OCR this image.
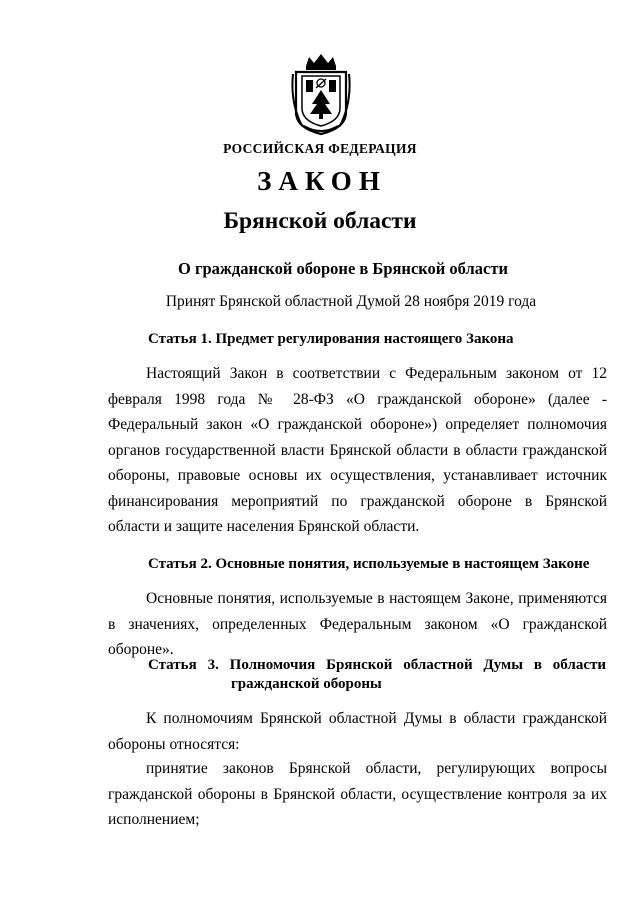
РОССИЙСКАЯ ФЕДЕРАЦИЯ
ЗАКОН
Брянской области
О гражданской обороне в Брянской области
Принят Брянской областной Думой 28 ноября 2019 года
Статья 1. Предмет регулирования настоящего Закона
Настоящий Закон в соответствии с Федеральным законом от 12 февраля 1998 года № 28-ФЗ «О гражданской обороне» (далее - Федеральный закон «О гражданской обороне») определяет полномочия органов государственной власти Брянской области в области гражданской обороны, правовые основы их осуществления, устанавливает источник финансирования мероприятий по гражданской обороне в Брянской области и защите населения Брянской области.
Статья 2. Основные понятия, используемые в настоящем Законе
Основные понятия, используемые в настоящем Законе, применяются в значениях, определенных Федеральным законом «О гражданской обороне».
Статья 3. Полномочия Брянской областной Думы в области
гражданской обороны
К полномочиям Брянской областной Думы в области гражданской обороны относятся:
принятие законов Брянской области, регулирующих вопросы гражданской обороны в Брянской области, осуществление контроля за их исполнением;
